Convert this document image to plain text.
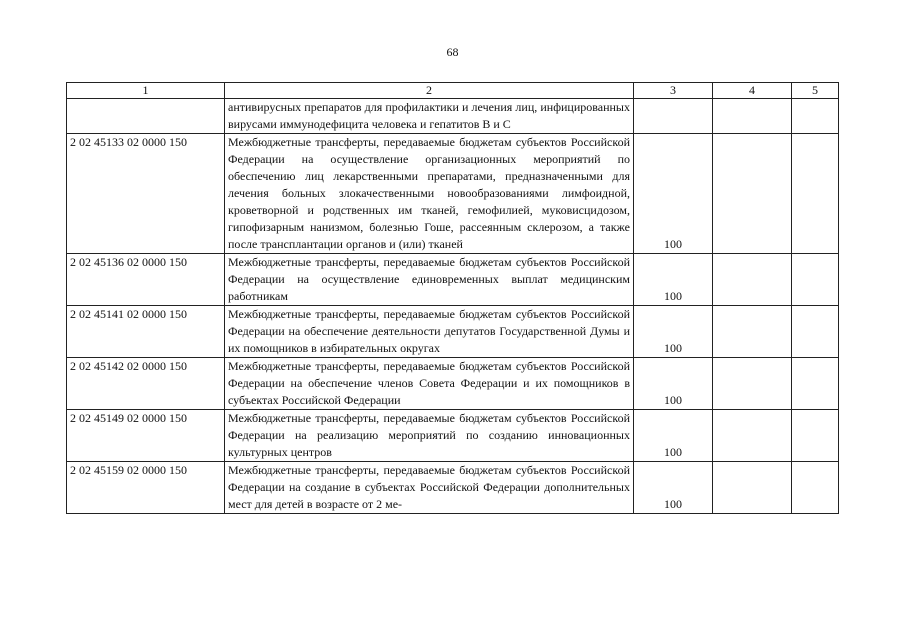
68
1	2	3	4	5
	антивирусных препаратов для профилактики и лечения лиц, инфицированных вирусами иммунодефицита человека и гепатитов В и С			
2 02 45133 02 0000 150	Межбюджетные трансферты, передаваемые бюджетам субъектов Российской Федерации на осуществление организационных мероприятий по обеспечению лиц лекарственными препаратами, предназначенными для лечения больных злокачественными новообразованиями лимфоидной, кроветворной и родственных им тканей, гемофилией, муковисцидозом, гипофизарным нанизмом, болезнью Гоше, рассеянным склерозом, а также после трансплантации органов и (или) тканей	100		
2 02 45136 02 0000 150	Межбюджетные трансферты, передаваемые бюджетам субъектов Российской Федерации на осуществление единовременных выплат медицинским работникам	100		
2 02 45141 02 0000 150	Межбюджетные трансферты, передаваемые бюджетам субъектов Российской Федерации на обеспечение деятельности депутатов Государственной Думы и их помощников в избирательных округах	100		
2 02 45142 02 0000 150	Межбюджетные трансферты, передаваемые бюджетам субъектов Российской Федерации на обеспечение членов Совета Федерации и их помощников в субъектах Российской Федерации	100		
2 02 45149 02 0000 150	Межбюджетные трансферты, передаваемые бюджетам субъектов Российской Федерации на реализацию мероприятий по созданию инновационных культурных центров	100		
2 02 45159 02 0000 150	Межбюджетные трансферты, передаваемые бюджетам субъектов Российской Федерации на создание в субъектах Российской Федерации дополнительных мест для детей в возрасте от 2 ме-	100		
